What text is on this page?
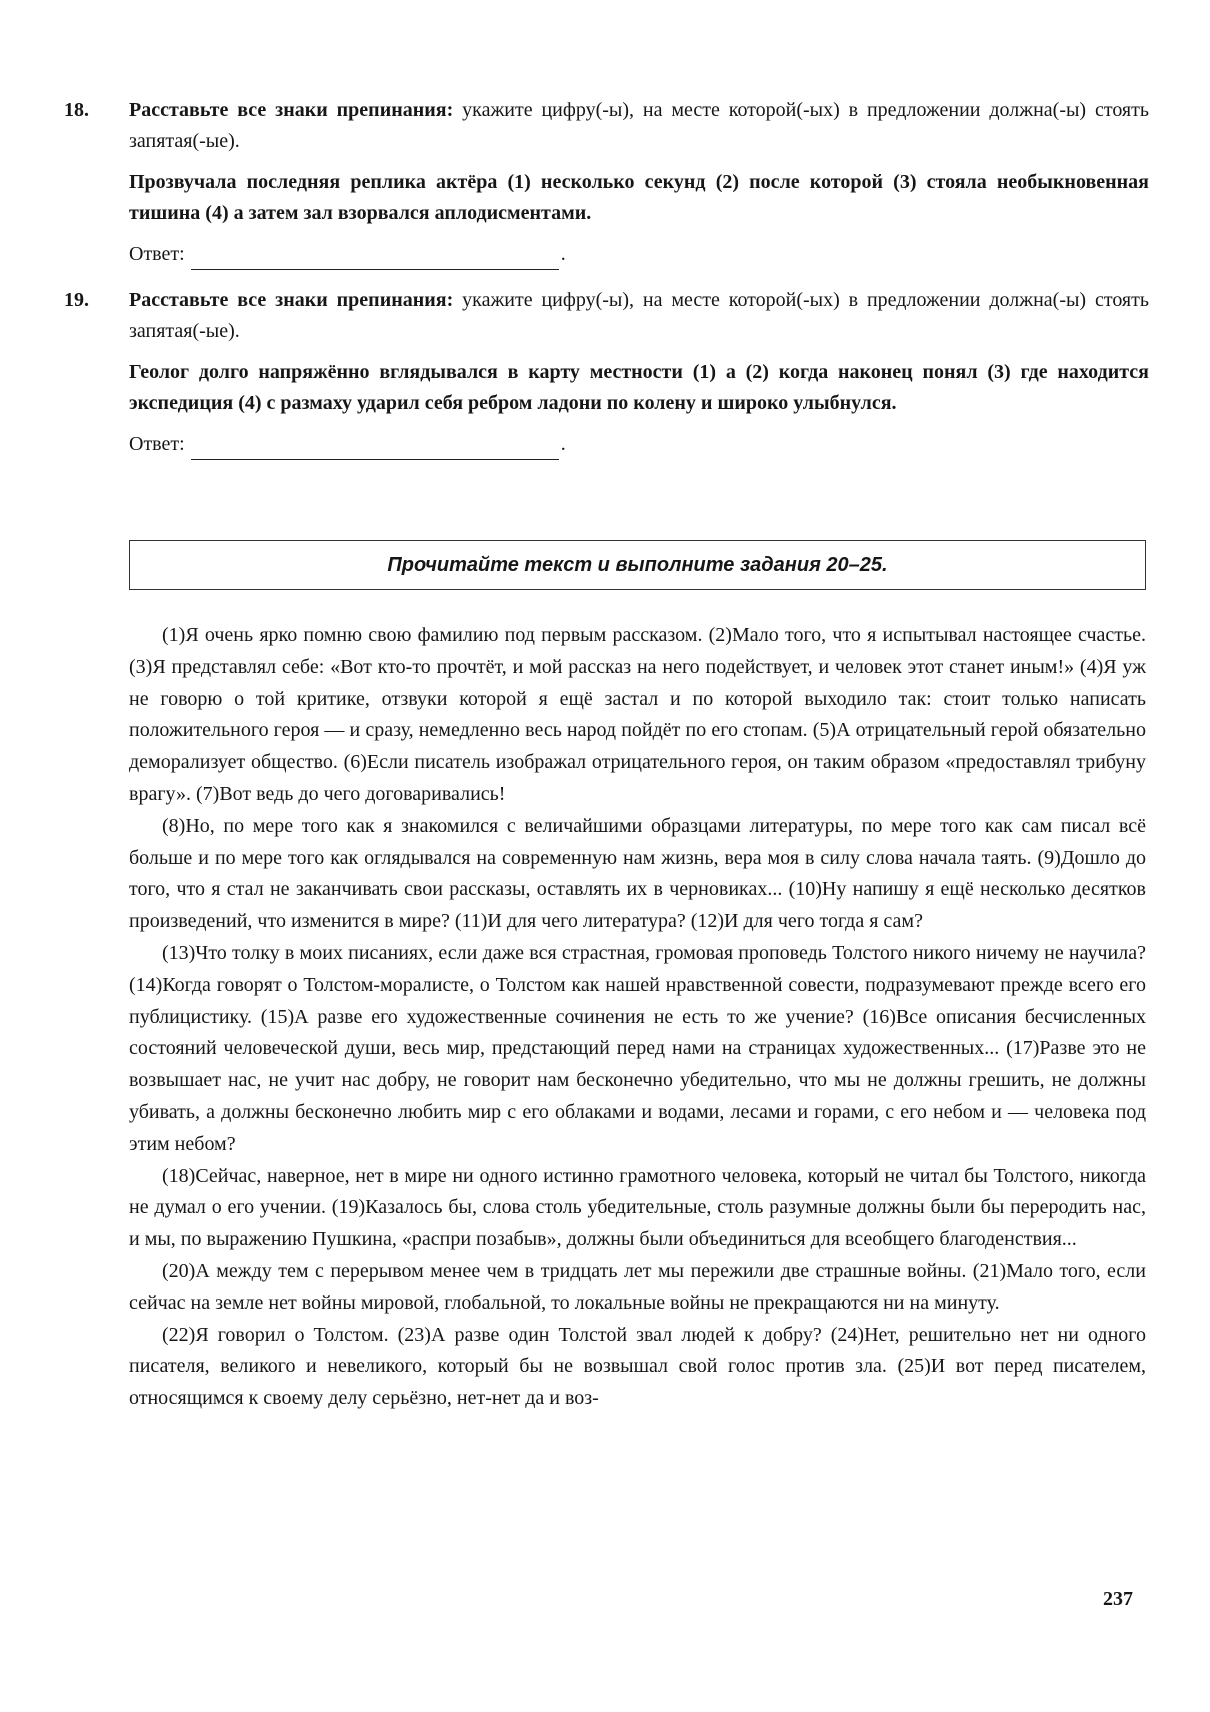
18. Расставьте все знаки препинания: укажите цифру(-ы), на месте которой(-ых) в предложении должна(-ы) стоять запятая(-ые).
Прозвучала последняя реплика актёра (1) несколько секунд (2) после которой (3) стояла необыкновенная тишина (4) а затем зал взорвался аплодисментами.
Ответ:	.
19. Расставьте все знаки препинания: укажите цифру(-ы), на месте которой(-ых) в предложении должна(-ы) стоять запятая(-ые).
Геолог долго напряжённо вглядывался в карту местности (1) а (2) когда наконец понял (3) где находится экспедиция (4) с размаху ударил себя ребром ладони по колену и широко улыбнулся.
Ответ:	.
Прочитайте текст и выполните задания 20–25.

(1)Я очень ярко помню свою фамилию под первым рассказом. (2)Мало того, что я испытывал настоящее счастье. (3)Я представлял себе: «Вот кто-то прочтёт, и мой рассказ на него подействует, и человек этот станет иным!» (4)Я уж не говорю о той критике, отзвуки которой я ещё застал и по которой выходило так: стоит только написать положительного героя — и сразу, немедленно весь народ пойдёт по его стопам. (5)А отрицательный герой обязательно деморализует общество. (6)Если писатель изображал отрицательного героя, он таким образом «предоставлял трибуну врагу». (7)Вот ведь до чего договаривались!

(8)Но, по мере того как я знакомился с величайшими образцами литературы, по мере того как сам писал всё больше и по мере того как оглядывался на современную нам жизнь, вера моя в силу слова начала таять. (9)Дошло до того, что я стал не заканчивать свои рассказы, оставлять их в черновиках... (10)Ну напишу я ещё несколько десятков произведений, что изменится в мире? (11)И для чего литература? (12)И для чего тогда я сам?

(13)Что толку в моих писаниях, если даже вся страстная, громовая проповедь Толстого никого ничему не научила? (14)Когда говорят о Толстом-моралисте, о Толстом как нашей нравственной совести, подразумевают прежде всего его публицистику. (15)А разве его художественные сочинения не есть то же учение? (16)Все описания бесчисленных состояний человеческой души, весь мир, предстающий перед нами на страницах художественных... (17)Разве это не возвышает нас, не учит нас добру, не говорит нам бесконечно убедительно, что мы не должны грешить, не должны убивать, а должны бесконечно любить мир с его облаками и водами, лесами и горами, с его небом и — человека под этим небом?

(18)Сейчас, наверное, нет в мире ни одного истинно грамотного человека, который не читал бы Толстого, никогда не думал о его учении. (19)Казалось бы, слова столь убедительные, столь разумные должны были бы переродить нас, и мы, по выражению Пушкина, «распри позабыв», должны были объединиться для всеобщего благоденствия...

(20)А между тем с перерывом менее чем в тридцать лет мы пережили две страшные войны. (21)Мало того, если сейчас на земле нет войны мировой, глобальной, то локальные войны не прекращаются ни на минуту.

(22)Я говорил о Толстом. (23)А разве один Толстой звал людей к добру? (24)Нет, решительно нет ни одного писателя, великого и невеликого, который бы не возвышал свой голос против зла. (25)И вот перед писателем, относящимся к своему делу серьёзно, нет-нет да и воз-

237
